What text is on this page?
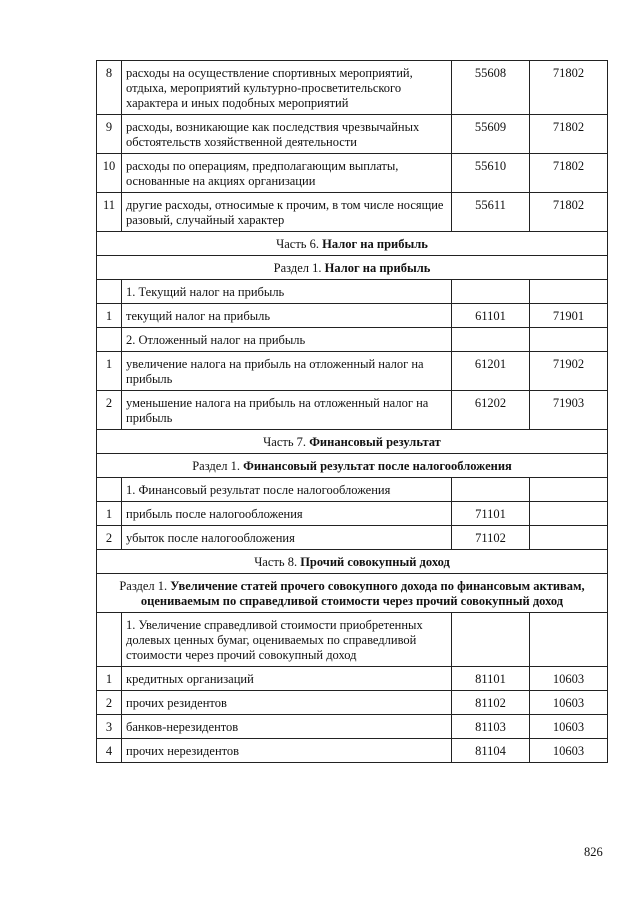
8	расходы на осуществление спортивных мероприятий, отдыха, мероприятий культурно-просветительского характера и иных подобных мероприятий	55608	71802
9	расходы, возникающие как последствия чрезвычайных обстоятельств хозяйственной деятельности	55609	71802
10	расходы по операциям, предполагающим выплаты, основанные на акциях организации	55610	71802
11	другие расходы, относимые к прочим, в том числе носящие разовый, случайный характер	55611	71802
Часть 6. Налог на прибыль			
Раздел 1. Налог на прибыль			
	1. Текущий налог на прибыль		
1	текущий налог на прибыль	61101	71901
	2. Отложенный налог на прибыль		
1	увеличение налога на прибыль на отложенный налог на прибыль	61201	71902
2	уменьшение налога на прибыль на отложенный налог на прибыль	61202	71903
Часть 7. Финансовый результат			
Раздел 1. Финансовый результат после налогообложения			
	1. Финансовый результат после налогообложения		
1	прибыль после налогообложения	71101	
2	убыток после налогообложения	71102	
Часть 8. Прочий совокупный доход			
Раздел 1. Увеличение статей прочего совокупного дохода по финансовым активам, оцениваемым по справедливой стоимости через прочий совокупный доход			
	1. Увеличение справедливой стоимости приобретенных долевых ценных бумаг, оцениваемых по справедливой стоимости через прочий совокупный доход		
1	кредитных организаций	81101	10603
2	прочих резидентов	81102	10603
3	банков-нерезидентов	81103	10603
4	прочих нерезидентов	81104	10603
826
